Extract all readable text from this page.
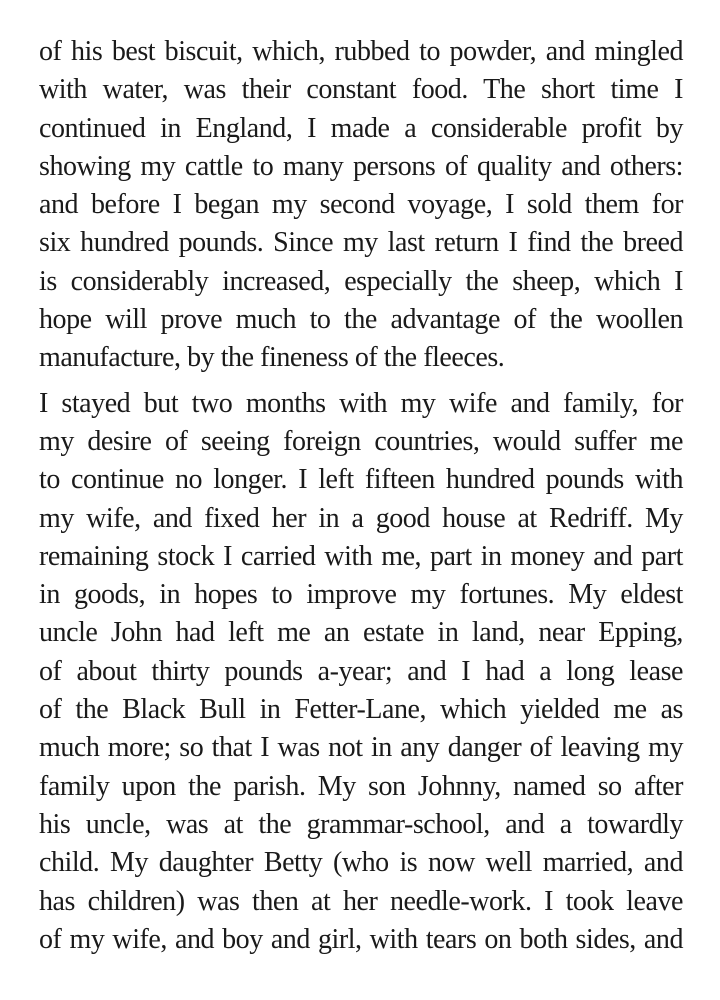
of his best biscuit, which, rubbed to powder, and mingled
with water, was their constant food. The short time I
continued in England, I made a considerable profit by
showing my cattle to many persons of quality and others:
and before I began my second voyage, I sold them for
six hundred pounds. Since my last return I find the breed
is considerably increased, especially the sheep, which I
hope will prove much to the advantage of the woollen
manufacture, by the fineness of the fleeces.

I stayed but two months with my wife and family, for
my desire of seeing foreign countries, would suffer me
to continue no longer. I left fifteen hundred pounds with
my wife, and fixed her in a good house at Redriff. My
remaining stock I carried with me, part in money and part
in goods, in hopes to improve my fortunes. My eldest
uncle John had left me an estate in land, near Epping,
of about thirty pounds a-year; and I had a long lease
of the Black Bull in Fetter-Lane, which yielded me as
much more; so that I was not in any danger of leaving my
family upon the parish. My son Johnny, named so after
his uncle, was at the grammar-school, and a towardly
child. My daughter Betty (who is now well married, and
has children) was then at her needle-work. I took leave
of my wife, and boy and girl, with tears on both sides, and
